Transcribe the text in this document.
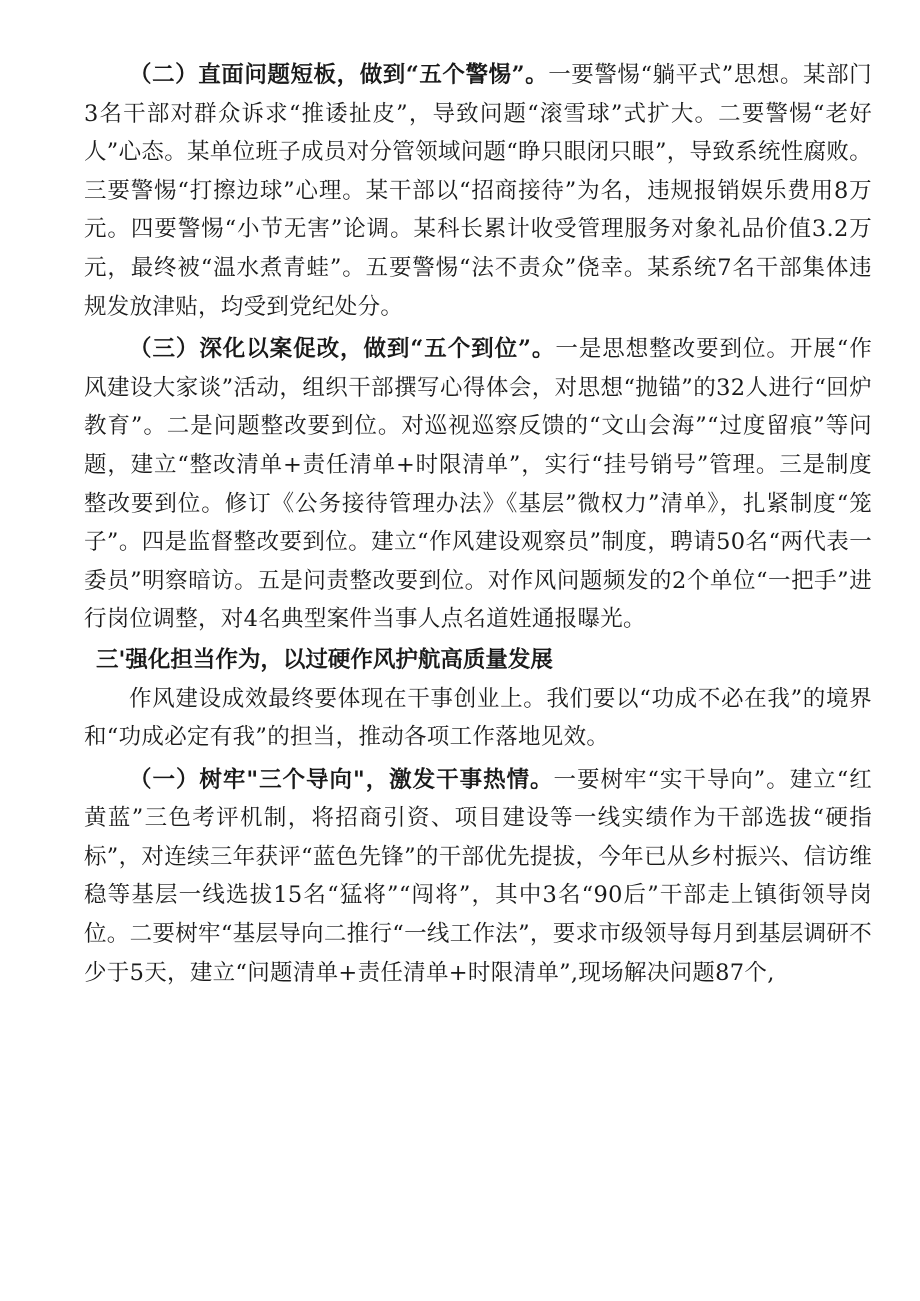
（二）直面问题短板，做到“五个警惕”。一要警惕“躺平式”思想。某部门3名干部对群众诉求“推诿扯皮”，导致问题“滚雪球”式扩大。二要警惕“老好人”心态。某单位班子成员对分管领域问题“睁只眼闭只眼”，导致系统性腐败。三要警惕“打擦边球”心理。某干部以“招商接待”为名，违规报销娱乐费用8万元。四要警惕“小节无害”论调。某科长累计收受管理服务对象礼品价值3.2万元，最终被“温水煮青蛙”。五要警惕“法不责众”侥幸。某系统7名干部集体违规发放津贴，均受到党纪处分。

（三）深化以案促改，做到“五个到位”。一是思想整改要到位。开展“作风建设大家谈”活动，组织干部撰写心得体会，对思想“抛锚”的32人进行“回炉教育”。二是问题整改要到位。对巡视巡察反馈的“文山会海”“过度留痕”等问题，建立“整改清单+责任清单+时限清单”，实行“挂号销号”管理。三是制度整改要到位。修订《公务接待管理办法》《基层”微权力”清单》，扎紧制度“笼子”。四是监督整改要到位。建立“作风建设观察员”制度，聘请50名“两代表一委员”明察暗访。五是问责整改要到位。对作风问题频发的2个单位“一把手”进行岗位调整，对4名典型案件当事人点名道姓通报曝光。

三'强化担当作为，以过硬作风护航高质量发展

作风建设成效最终要体现在干事创业上。我们要以“功成不必在我”的境界和“功成必定有我”的担当，推动各项工作落地见效。

（一）树牢"三个导向"，激发干事热情。一要树牢“实干导向”。建立“红黄蓝”三色考评机制，将招商引资、项目建设等一线实绩作为干部选拔“硬指标”，对连续三年获评“蓝色先锋”的干部优先提拔，今年已从乡村振兴、信访维稳等基层一线选拔15名“猛将”“闯将”，其中3名“90后”干部走上镇街领导岗位。二要树牢“基层导向二推行“一线工作法”，要求市级领导每月到基层调研不少于5天，建立“问题清单+责任清单+时限清单”,现场解决问题87个,
